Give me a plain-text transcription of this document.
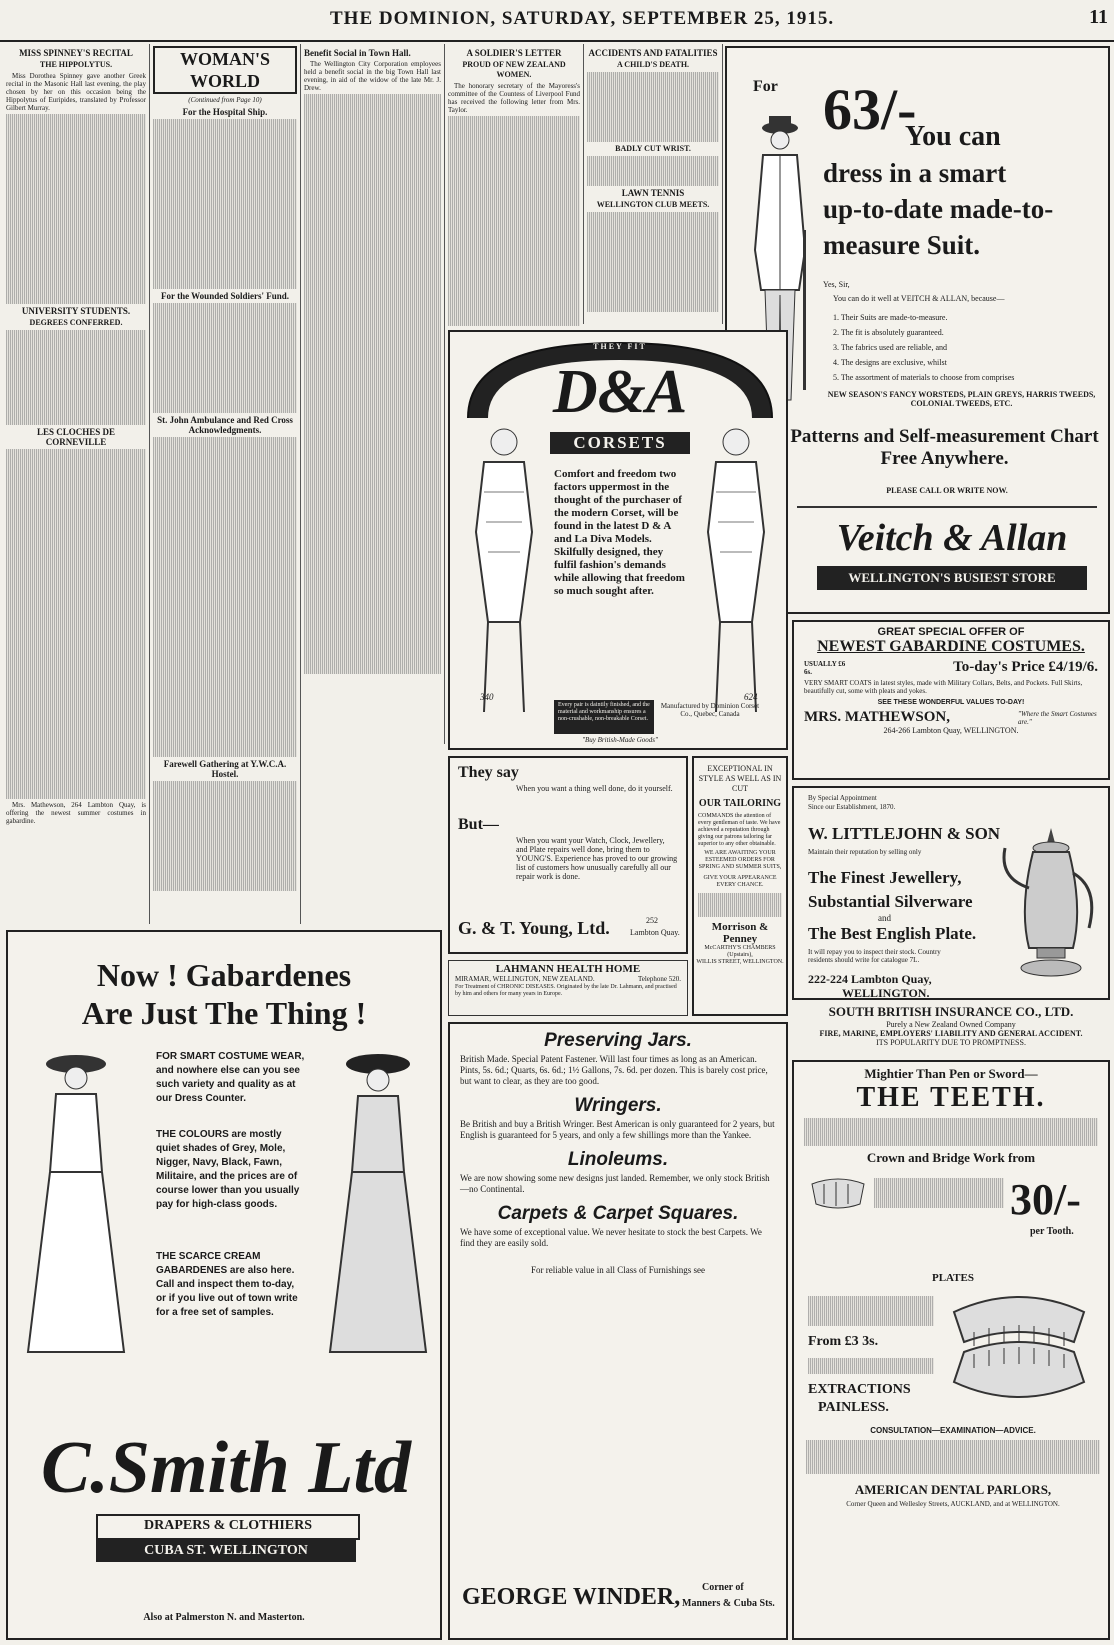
THE DOMINION, SATURDAY, SEPTEMBER 25, 1915.	11
MISS SPINNEY'S RECITAL
THE HIPPOLYTUS.

Miss Dorothea Spinney gave another Greek recital in the Masonic Hall last evening, the play chosen by her on this occasion being the Hippolytus of Euripides, translated by Professor Gilbert Murray.

UNIVERSITY STUDENTS.
DEGREES CONFERRED.
LES CLOCHES DE CORNEVILLE

Mrs. Mathewson, 264 Lambton Quay, is offering the newest summer costumes in gabardine.

WOMAN'S WORLD
(Continued from Page 10)
For the Hospital Ship.
For the Wounded Soldiers' Fund.
St. John Ambulance and Red Cross Acknowledgments.
Farewell Gathering at Y.W.C.A. Hostel.
Benefit Social in Town Hall.

The Wellington City Corporation employees held a benefit social in the big Town Hall last evening, in aid of the widow of the late Mr. J. Drew.

A SOLDIER'S LETTER
PROUD OF NEW ZEALAND WOMEN.

The honorary secretary of the Mayoress's committee of the Countess of Liverpool Fund has received the following letter from Mrs. Taylor.

ACCIDENTS AND FATALITIES
A CHILD'S DEATH.
BADLY CUT WRIST.
LAWN TENNIS
WELLINGTON CLUB MEETS.
For 63/-
You can
dress in a smart
up-to-date made-to-
measure Suit.
Yes, Sir,
You can do it well at VEITCH & ALLAN, because—
1. Their Suits are made-to-measure.
2. The fit is absolutely guaranteed.
3. The fabrics used are reliable, and
4. The designs are exclusive, whilst
5. The assortment of materials to choose from comprises
NEW SEASON'S FANCY WORSTEDS, PLAIN GREYS, HARRIS TWEEDS, COLONIAL TWEEDS, ETC.
Patterns and Self-measurement Chart Free Anywhere.
PLEASE CALL OR WRITE NOW.
Veitch & Allan
WELLINGTON'S BUSIEST STORE
GREAT SPECIAL OFFER OF
NEWEST GABARDINE COSTUMES.
USUALLY £6 6s.	To-day's Price £4/19/6.
VERY SMART COATS in latest styles, made with Military Collars, Belts, and Pockets. Full Skirts, beautifully cut, some with pleats and yokes.
SEE THESE WONDERFUL VALUES TO-DAY!
MRS. MATHEWSON,	"Where the Smart Costumes are."
264-266 Lambton Quay, WELLINGTON.
By Special Appointment
Since our Establishment, 1870.
W. LITTLEJOHN & SON
Maintain their reputation by selling only
The Finest Jewellery,
Substantial Silverware
and
The Best English Plate.
It will repay you to inspect their stock. Country residents should write for catalogue 7L.
222-224 Lambton Quay,
WELLINGTON.
SOUTH BRITISH INSURANCE CO., LTD.
Purely a New Zealand Owned Company
FIRE, MARINE, EMPLOYERS' LIABILITY AND GENERAL ACCIDENT.
ITS POPULARITY DUE TO PROMPTNESS.
Mightier Than Pen or Sword—
THE TEETH.
Crown and Bridge Work from
30/-
per Tooth.
PLATES
From £3 3s.
EXTRACTIONS
PAINLESS.
CONSULTATION—EXAMINATION—ADVICE.
AMERICAN DENTAL PARLORS,
Corner Queen and Wellesley Streets, AUCKLAND, and at WELLINGTON.
THEY FIT
D&A
CORSETS
Comfort and freedom two factors uppermost in the thought of the purchaser of the modern Corset, will be found in the latest D & A and La Diva Models. Skilfully designed, they fulfil fashion's demands while allowing that freedom so much sought after.
340	624
Every pair is daintily finished, and the material and workmanship ensures a non-crushable, non-breakable Corset.
Manufactured by Dominion Corset Co., Quebec, Canada
"Buy British-Made Goods"
They say
When you want a thing well done, do it yourself.
But—
When you want your Watch, Clock, Jewellery, and Plate repairs well done, bring them to YOUNG'S. Experience has proved to our growing list of customers how unusually carefully all our repair work is done.
G. & T. Young, Ltd.	252
Lambton Quay.
LAHMANN HEALTH HOME
MIRAMAR, WELLINGTON, NEW ZEALAND.	Telephone 520.
For Treatment of CHRONIC DISEASES. Originated by the late Dr. Lahmann, and practised by him and others for many years in Europe.
EXCEPTIONAL IN STYLE AS WELL AS IN CUT
OUR TAILORING
COMMANDS the attention of every gentleman of taste. We have achieved a reputation through giving our patrons tailoring far superior to any other obtainable.
WE ARE AWAITING YOUR ESTEEMED ORDERS FOR SPRING AND SUMMER SUITS,
GIVE YOUR APPEARANCE EVERY CHANCE.
Morrison & Penney
McCARTHY'S CHAMBERS (Upstairs),
WILLIS STREET, WELLINGTON.
Now ! Gabardenes
Are Just The Thing !
FOR SMART COSTUME WEAR, and nowhere else can you see such variety and quality as at our Dress Counter.
THE COLOURS are mostly quiet shades of Grey, Mole, Nigger, Navy, Black, Fawn, Militaire, and the prices are of course lower than you usually pay for high-class goods.
THE SCARCE CREAM GABARDENES are also here. Call and inspect them to-day, or if you live out of town write for a free set of samples.
C.Smith Ltd
DRAPERS & CLOTHIERS
CUBA ST. WELLINGTON
Also at Palmerston N. and Masterton.
Preserving Jars.
British Made. Special Patent Fastener. Will last four times as long as an American. Pints, 5s. 6d.; Quarts, 6s. 6d.; 1½ Gallons, 7s. 6d. per dozen. This is barely cost price, but want to clear, as they are too good.
Wringers.
Be British and buy a British Wringer. Best American is only guaranteed for 2 years, but English is guaranteed for 5 years, and only a few shillings more than the Yankee.
Linoleums.
We are now showing some new designs just landed. Remember, we only stock British—no Continental.
Carpets & Carpet Squares.
We have some of exceptional value. We never hesitate to stock the best Carpets. We find they are easily sold.
For reliable value in all Class of Furnishings see
GEORGE WINDER, Corner of
Manners & Cuba Sts.
